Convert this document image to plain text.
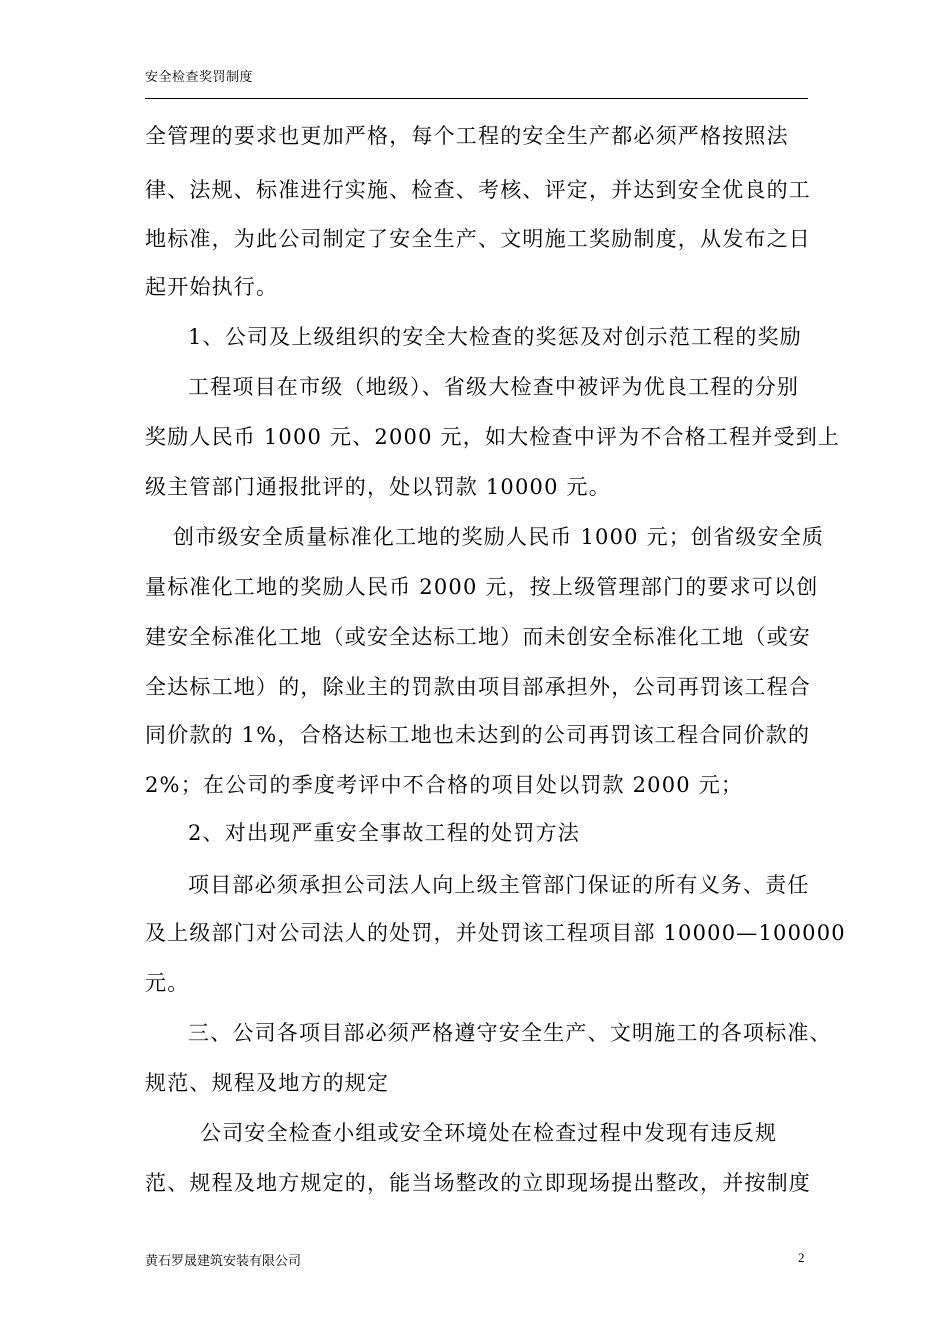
安全检查奖罚制度
全管理的要求也更加严格，每个工程的安全生产都必须严格按照法
律、法规、标准进行实施、检查、考核、评定，并达到安全优良的工
地标准，为此公司制定了安全生产、文明施工奖励制度，从发布之日
起开始执行。
1、公司及上级组织的安全大检查的奖惩及对创示范工程的奖励
工程项目在市级（地级）、省级大检查中被评为优良工程的分别
奖励人民币 1000 元、2000 元，如大检查中评为不合格工程并受到上
级主管部门通报批评的，处以罚款 10000 元。
创市级安全质量标准化工地的奖励人民币 1000 元；创省级安全质
量标准化工地的奖励人民币 2000 元，按上级管理部门的要求可以创
建安全标准化工地（或安全达标工地）而未创安全标准化工地（或安
全达标工地）的，除业主的罚款由项目部承担外，公司再罚该工程合
同价款的 1%，合格达标工地也未达到的公司再罚该工程合同价款的
2%；在公司的季度考评中不合格的项目处以罚款 2000 元；
2、对出现严重安全事故工程的处罚方法
项目部必须承担公司法人向上级主管部门保证的所有义务、责任
及上级部门对公司法人的处罚，并处罚该工程项目部 10000—100000
元。
三、公司各项目部必须严格遵守安全生产、文明施工的各项标准、
规范、规程及地方的规定
公司安全检查小组或安全环境处在检查过程中发现有违反规
范、规程及地方规定的，能当场整改的立即现场提出整改，并按制度
黄石罗晟建筑安装有限公司	2
